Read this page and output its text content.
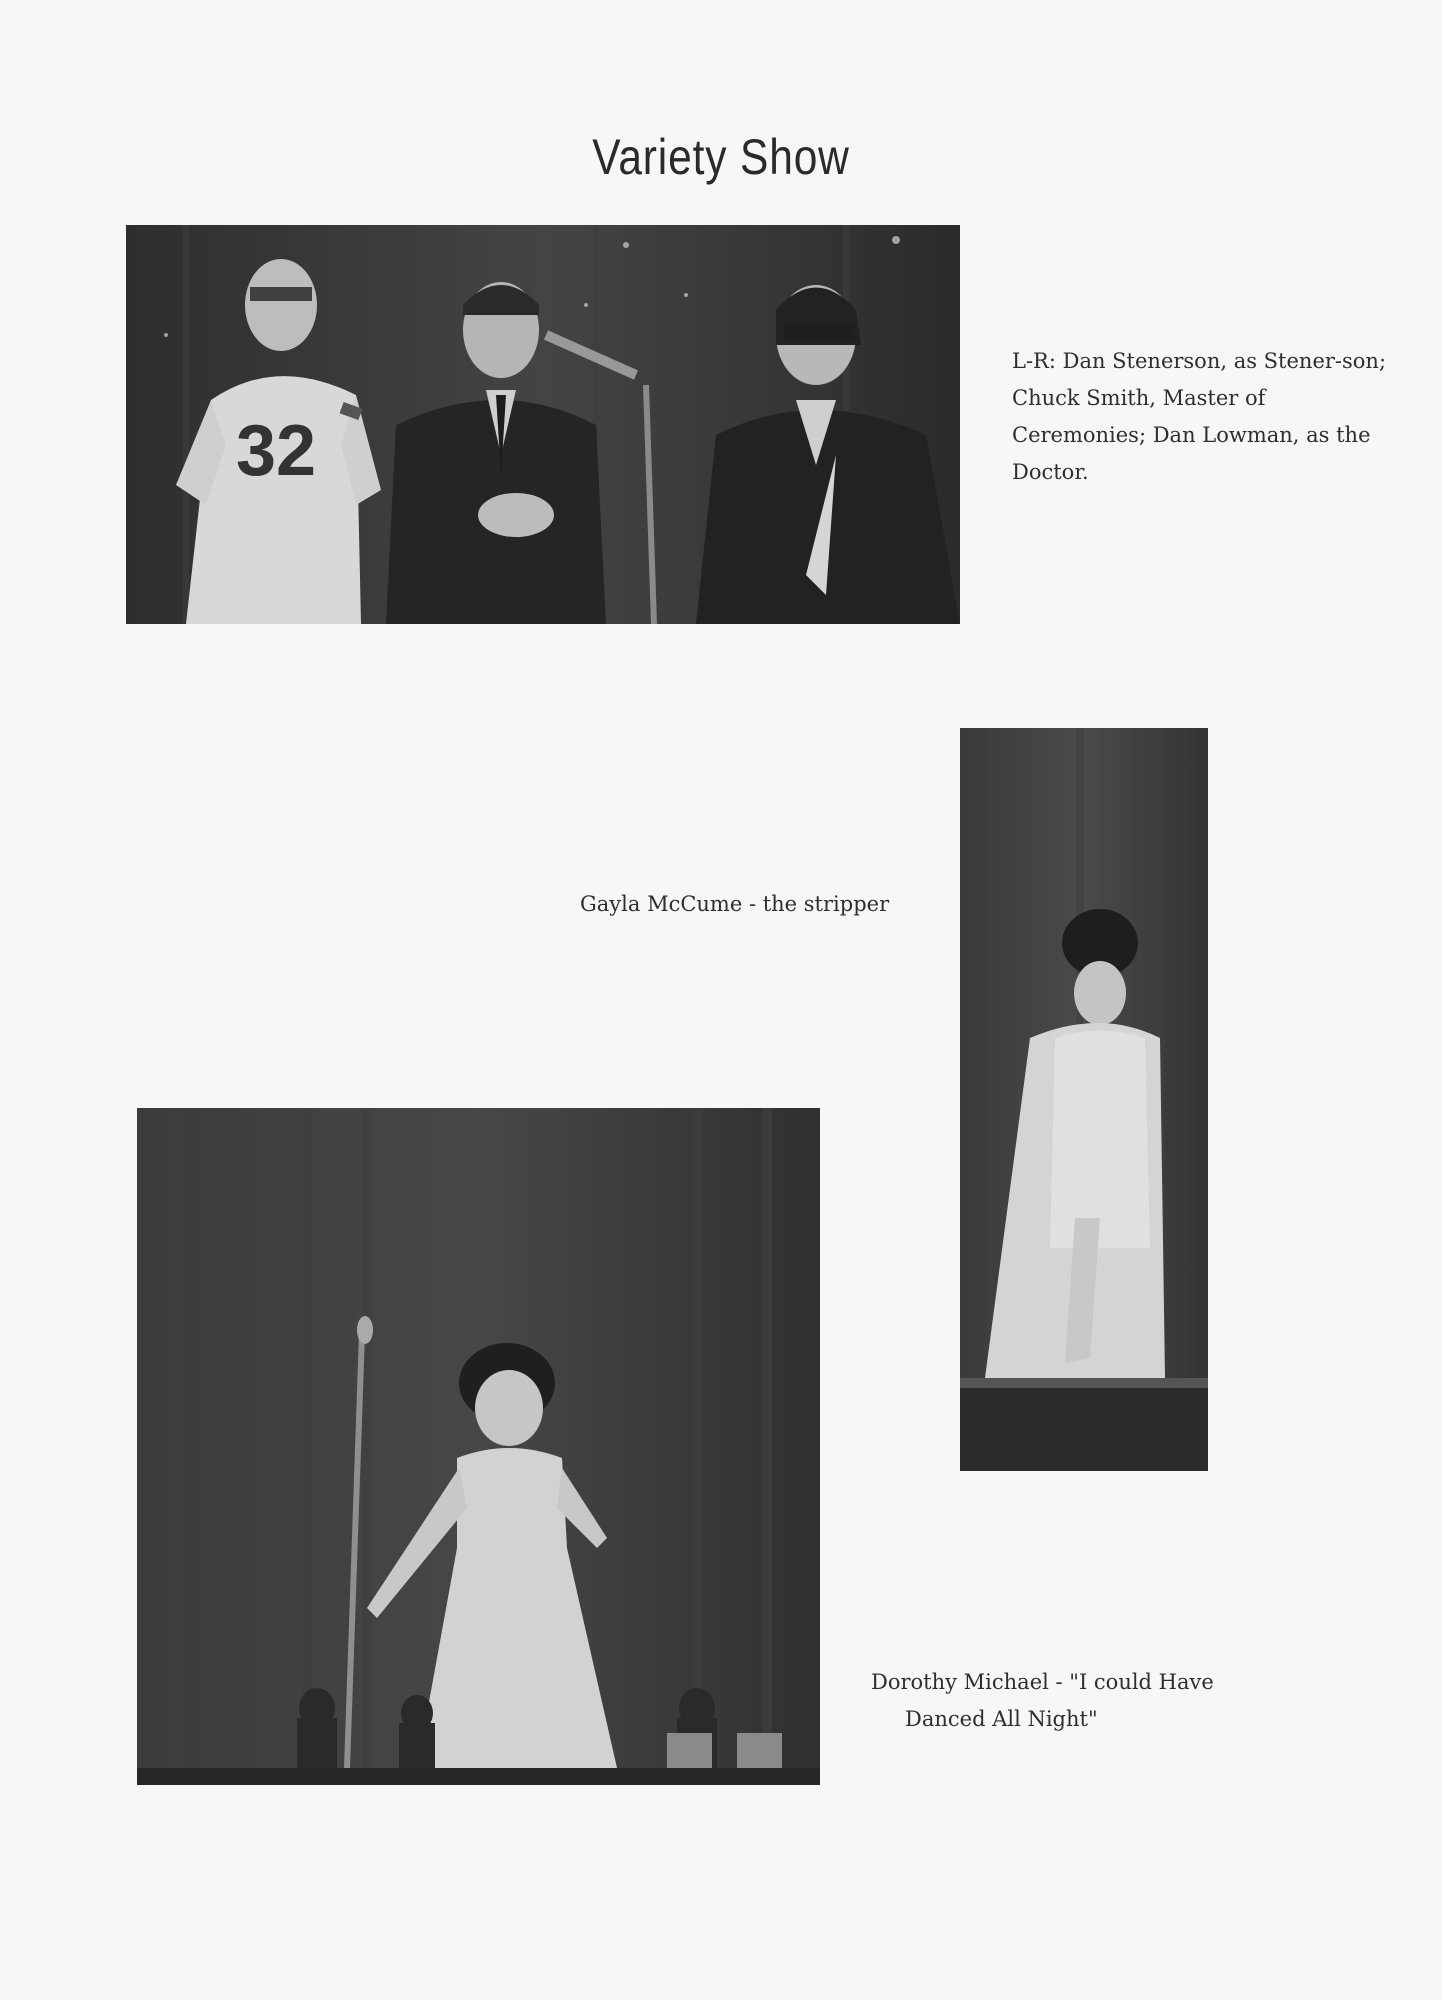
Variety Show
32
L-R: Dan Stenerson, as Stener-son; Chuck Smith, Master of Ceremonies; Dan Lowman, as the Doctor.
Gayla McCume - the stripper
Dorothy Michael - "I could Have
Danced All Night"
